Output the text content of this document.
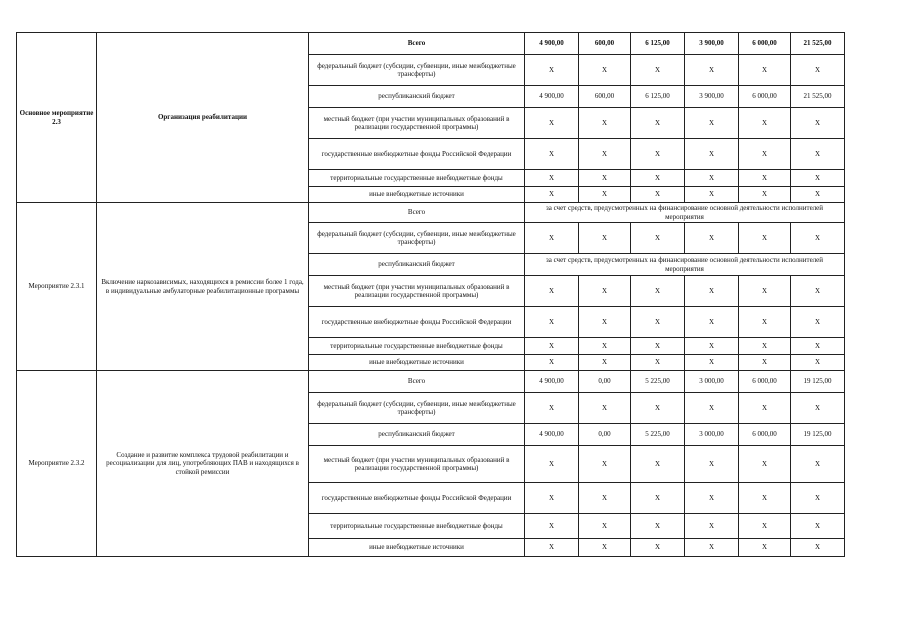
Основное мероприятие 2.3	Организация реабилитации	Всего	4 900,00	600,00	6 125,00	3 900,00	6 000,00	21 525,00
		федеральный бюджет (субсидии, субвенции, иные межбюджетные трансферты)	Х	Х	Х	Х	Х	Х
		республиканский бюджет	4 900,00	600,00	6 125,00	3 900,00	6 000,00	21 525,00
		местный бюджет (при участии муниципальных образований в реализации государственной программы)	Х	Х	Х	Х	Х	Х
		государственные внебюджетные фонды Российской Федерации	Х	Х	Х	Х	Х	Х
		территориальные государственные внебюджетные фонды	Х	Х	Х	Х	Х	Х
		иные внебюджетные источники	Х	Х	Х	Х	Х	Х
Мероприятие 2.3.1	Включение наркозависимых, находящихся в ремиссии более 1 года, в индивидуальные амбулаторные реабилитационные программы	Всего	за счет средств, предусмотренных на финансирование основной деятельности исполнителей мероприятия					
		федеральный бюджет (субсидии, субвенции, иные межбюджетные трансферты)	Х	Х	Х	Х	Х	Х
		республиканский бюджет	за счет средств, предусмотренных на финансирование основной деятельности исполнителей мероприятия					
		местный бюджет (при участии муниципальных образований в реализации государственной программы)	Х	Х	Х	Х	Х	Х
		государственные внебюджетные фонды Российской Федерации	Х	Х	Х	Х	Х	Х
		территориальные государственные внебюджетные фонды	Х	Х	Х	Х	Х	Х
		иные внебюджетные источники	Х	Х	Х	Х	Х	Х
Мероприятие 2.3.2	Создание и развитие комплекса трудовой реабилитации и ресоциализации для лиц, употребляющих ПАВ и находящихся в стойкой ремиссии	Всего	4 900,00	0,00	5 225,00	3 000,00	6 000,00	19 125,00
		федеральный бюджет (субсидии, субвенции, иные межбюджетные трансферты)	Х	Х	Х	Х	Х	Х
		республиканский бюджет	4 900,00	0,00	5 225,00	3 000,00	6 000,00	19 125,00
		местный бюджет (при участии муниципальных образований в реализации государственной программы)	Х	Х	Х	Х	Х	Х
		государственные внебюджетные фонды Российской Федерации	Х	Х	Х	Х	Х	Х
		территориальные государственные внебюджетные фонды	Х	Х	Х	Х	Х	Х
		иные внебюджетные источники	Х	Х	Х	Х	Х	Х
